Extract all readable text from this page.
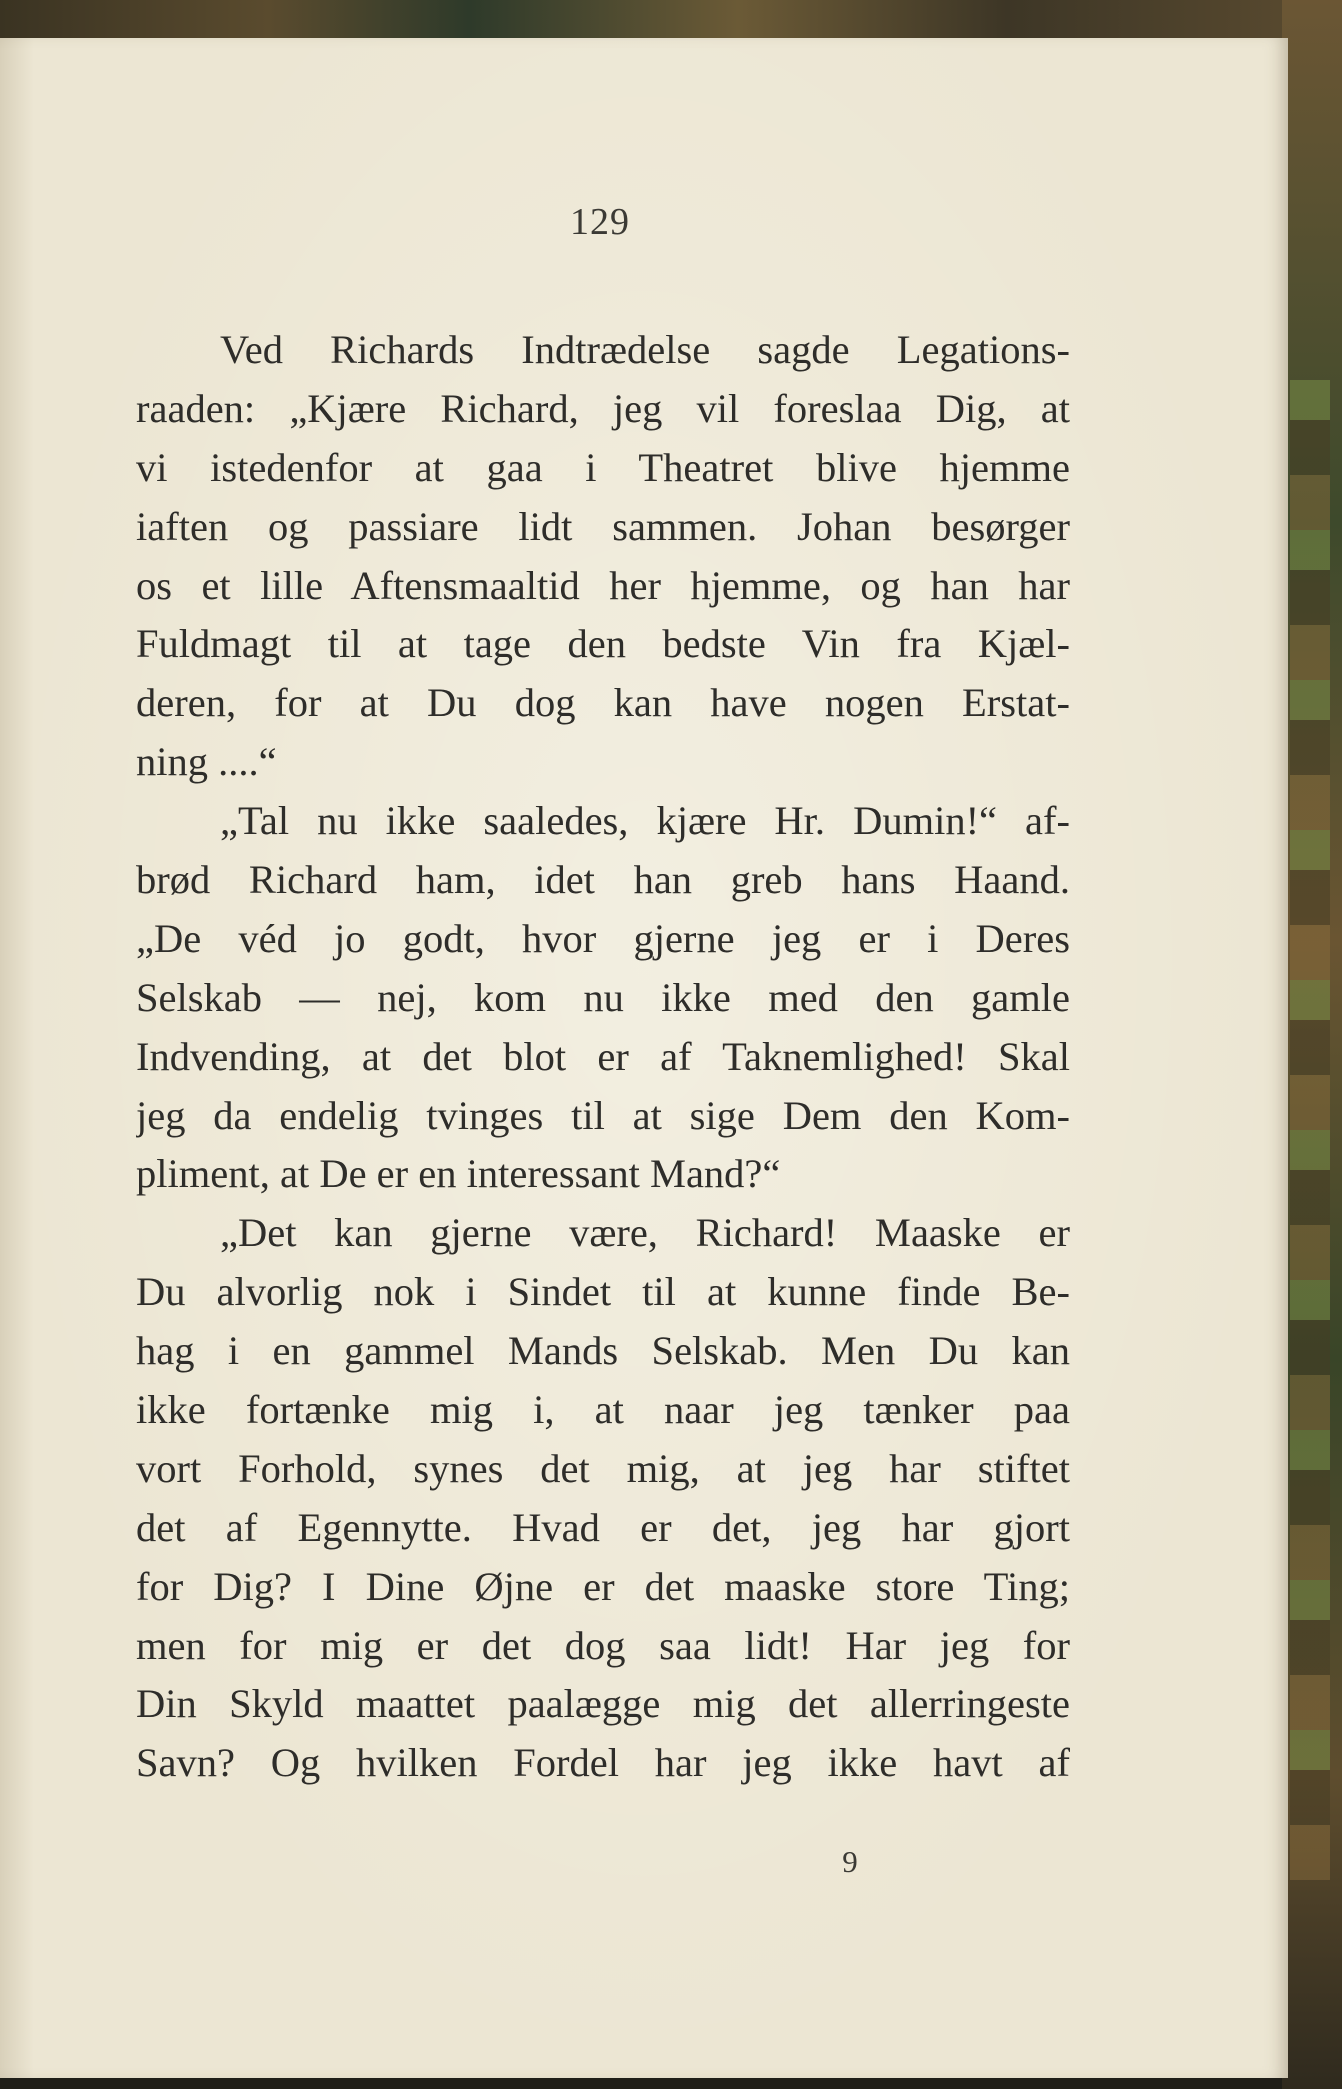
129
Ved Richards Indtrædelse sagde Legations-
raaden: „Kjære Richard, jeg vil foreslaa Dig, at
vi istedenfor at gaa i Theatret blive hjemme
iaften og passiare lidt sammen. Johan besørger
os et lille Aftensmaaltid her hjemme, og han har
Fuldmagt til at tage den bedste Vin fra Kjæl-
deren, for at Du dog kan have nogen Erstat-
ning ....“
„Tal nu ikke saaledes, kjære Hr. Dumin!“ af-
brød Richard ham, idet han greb hans Haand.
„De véd jo godt, hvor gjerne jeg er i Deres
Selskab — nej, kom nu ikke med den gamle
Indvending, at det blot er af Taknemlighed! Skal
jeg da endelig tvinges til at sige Dem den Kom-
pliment, at De er en interessant Mand?“
„Det kan gjerne være, Richard! Maaske er
Du alvorlig nok i Sindet til at kunne finde Be-
hag i en gammel Mands Selskab. Men Du kan
ikke fortænke mig i, at naar jeg tænker paa
vort Forhold, synes det mig, at jeg har stiftet
det af Egennytte. Hvad er det, jeg har gjort
for Dig? I Dine Øjne er det maaske store Ting;
men for mig er det dog saa lidt! Har jeg for
Din Skyld maattet paalægge mig det allerringeste
Savn? Og hvilken Fordel har jeg ikke havt af
9
